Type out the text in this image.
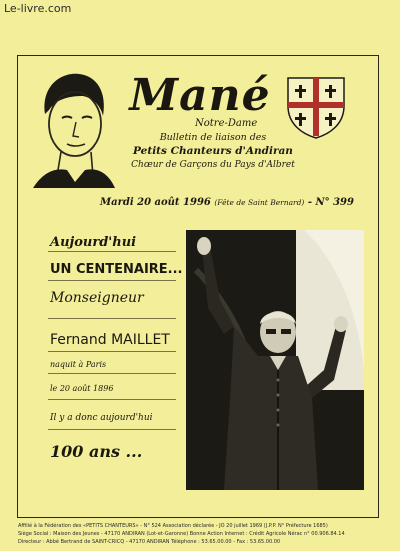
Le-livre.com
Mané
Notre-Dame
Bulletin de liaison des
Petits Chanteurs d'Andiran
Chœur de Garçons du Pays d'Albret
Mardi 20 août 1996 (Fête de Saint Bernard) - N° 399
Aujourd'hui
UN CENTENAIRE...
Monseigneur
Fernand MAILLET
naquit à Paris
le 20 août 1896
Il y a donc aujourd'hui
100 ans ...
Affilié à la Fédération des «PETITS CHANTEURS» - N° 524 Association déclarée - JO 20 juillet 1969 (J.P.P. N° Préfecture 1685)
Siège Social : Maison des Jeunes - 47170 ANDIRAN (Lot-et-Garonne) Bonne Action Internet : Crédit Agricole Nérac n° 00.906.84.14
Directeur : Abbé Bertrand de SAINT-CRICQ - 47170 ANDIRAN Téléphone : 53.65.00.00 - Fax : 53.65.00.00
